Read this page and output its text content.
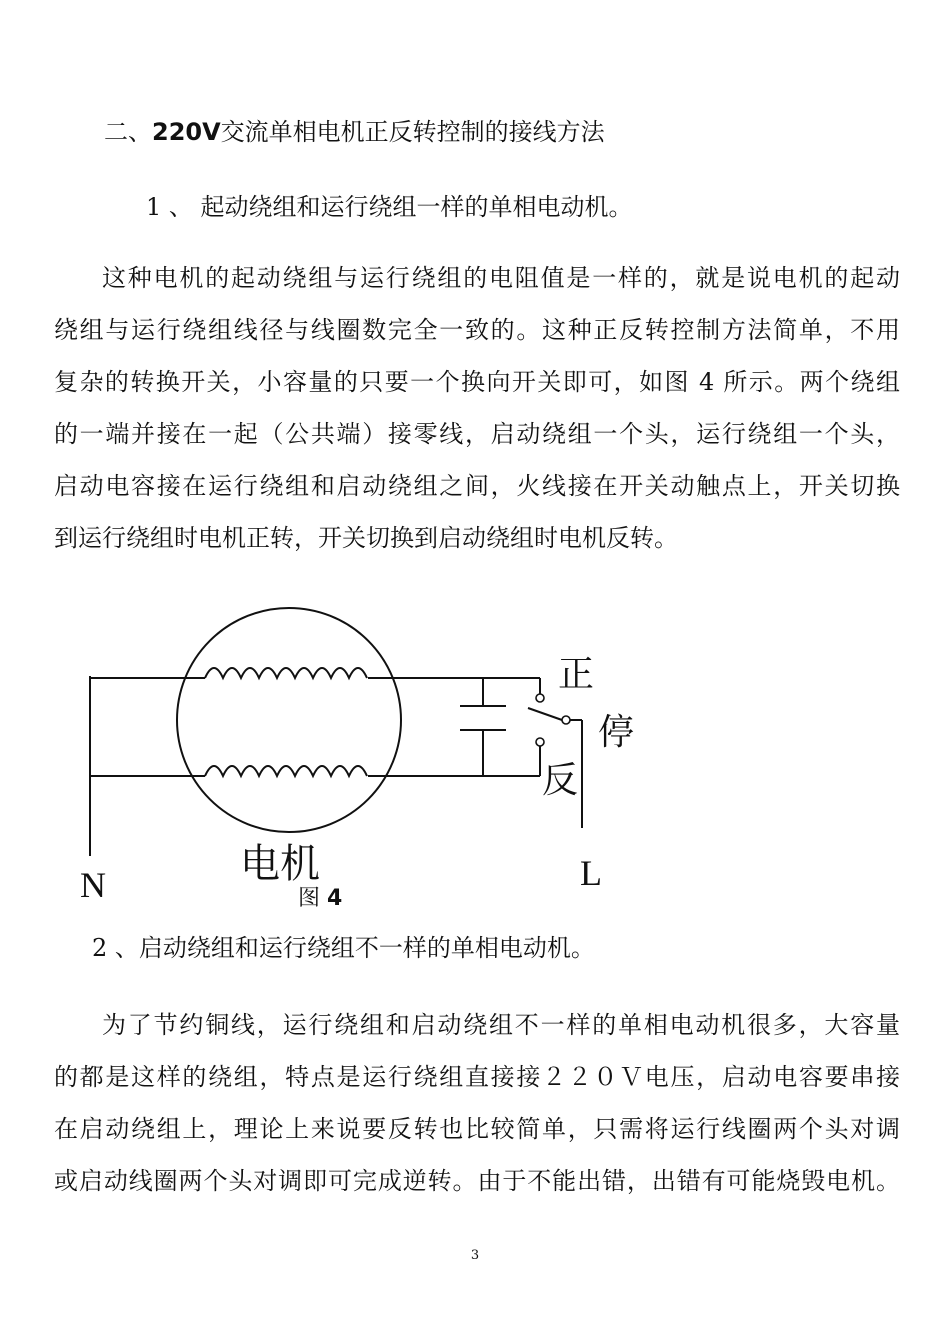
二、220V交流单相电机正反转控制的接线方法
1 、 起动绕组和运行绕组一样的单相电动机。
这种电机的起动绕组与运行绕组的电阻值是一样的，就是说电机的起动
绕组与运行绕组线径与线圈数完全一致的。这种正反转控制方法简单，不用
复杂的转换开关，小容量的只要一个换向开关即可，如图 4 所示。两个绕组
的一端并接在一起（公共端）接零线，启动绕组一个头，运行绕组一个头，
启动电容接在运行绕组和启动绕组之间，火线接在开关动触点上，开关切换
到运行绕组时电机正转，开关切换到启动绕组时电机反转。
正
停
反
电机
N	L
图 4
2 、启动绕组和运行绕组不一样的单相电动机。
为了节约铜线，运行绕组和启动绕组不一样的单相电动机很多，大容量
的都是这样的绕组，特点是运行绕组直接接２２０Ｖ电压，启动电容要串接
在启动绕组上，理论上来说要反转也比较简单，只需将运行线圈两个头对调
或启动线圈两个头对调即可完成逆转。由于不能出错，出错有可能烧毁电机。
3
